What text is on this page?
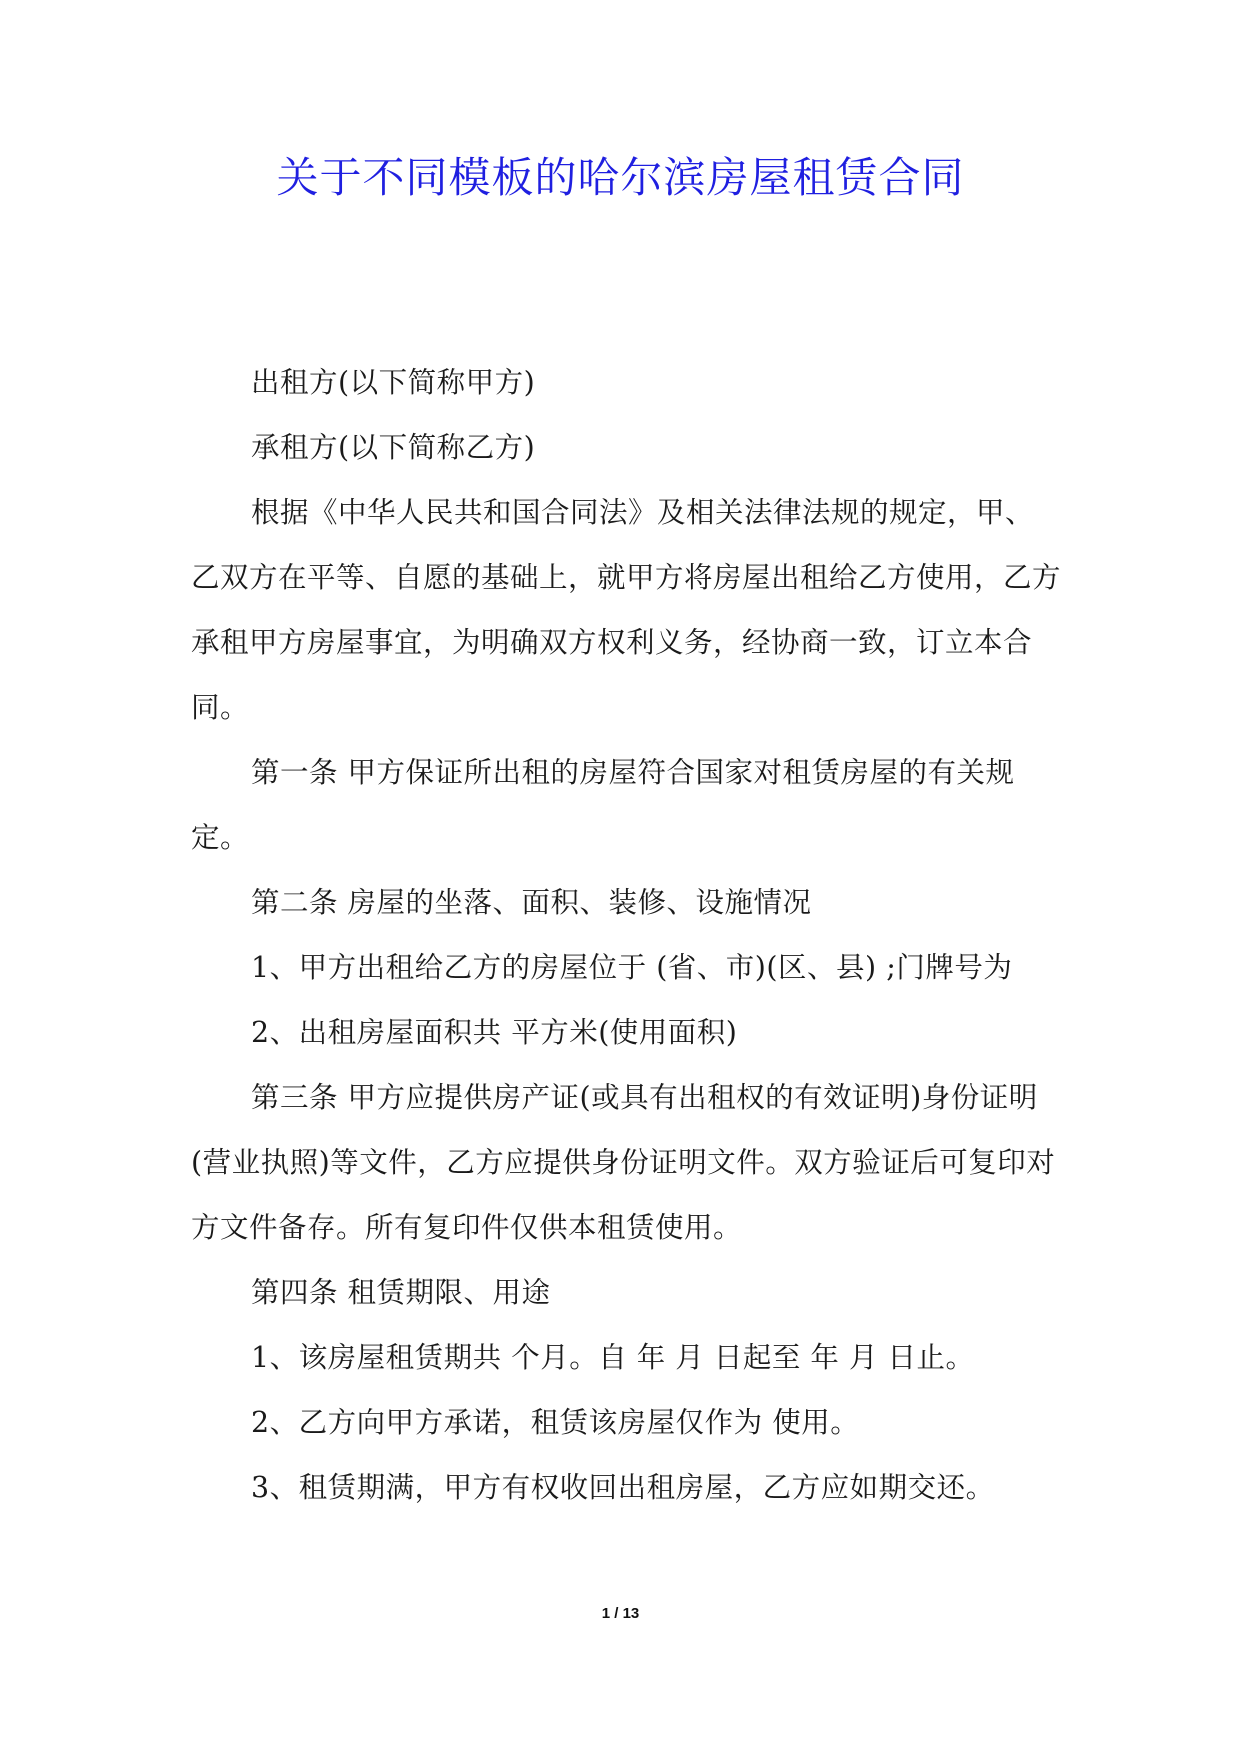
关于不同模板的哈尔滨房屋租赁合同

出租方(以下简称甲方)

承租方(以下简称乙方)

根据《中华人民共和国合同法》及相关法律法规的规定，甲、乙双方在平等、自愿的基础上，就甲方将房屋出租给乙方使用，乙方承租甲方房屋事宜，为明确双方权利义务，经协商一致，订立本合同。

第一条 甲方保证所出租的房屋符合国家对租赁房屋的有关规定。

第二条 房屋的坐落、面积、装修、设施情况

1、甲方出租给乙方的房屋位于 (省、市)(区、县) ;门牌号为

2、出租房屋面积共 平方米(使用面积)

第三条 甲方应提供房产证(或具有出租权的有效证明)身份证明(营业执照)等文件，乙方应提供身份证明文件。双方验证后可复印对方文件备存。所有复印件仅供本租赁使用。

第四条 租赁期限、用途

1、该房屋租赁期共 个月。自 年 月 日起至 年 月 日止。

2、乙方向甲方承诺，租赁该房屋仅作为 使用。

3、租赁期满，甲方有权收回出租房屋，乙方应如期交还。

1 / 13
